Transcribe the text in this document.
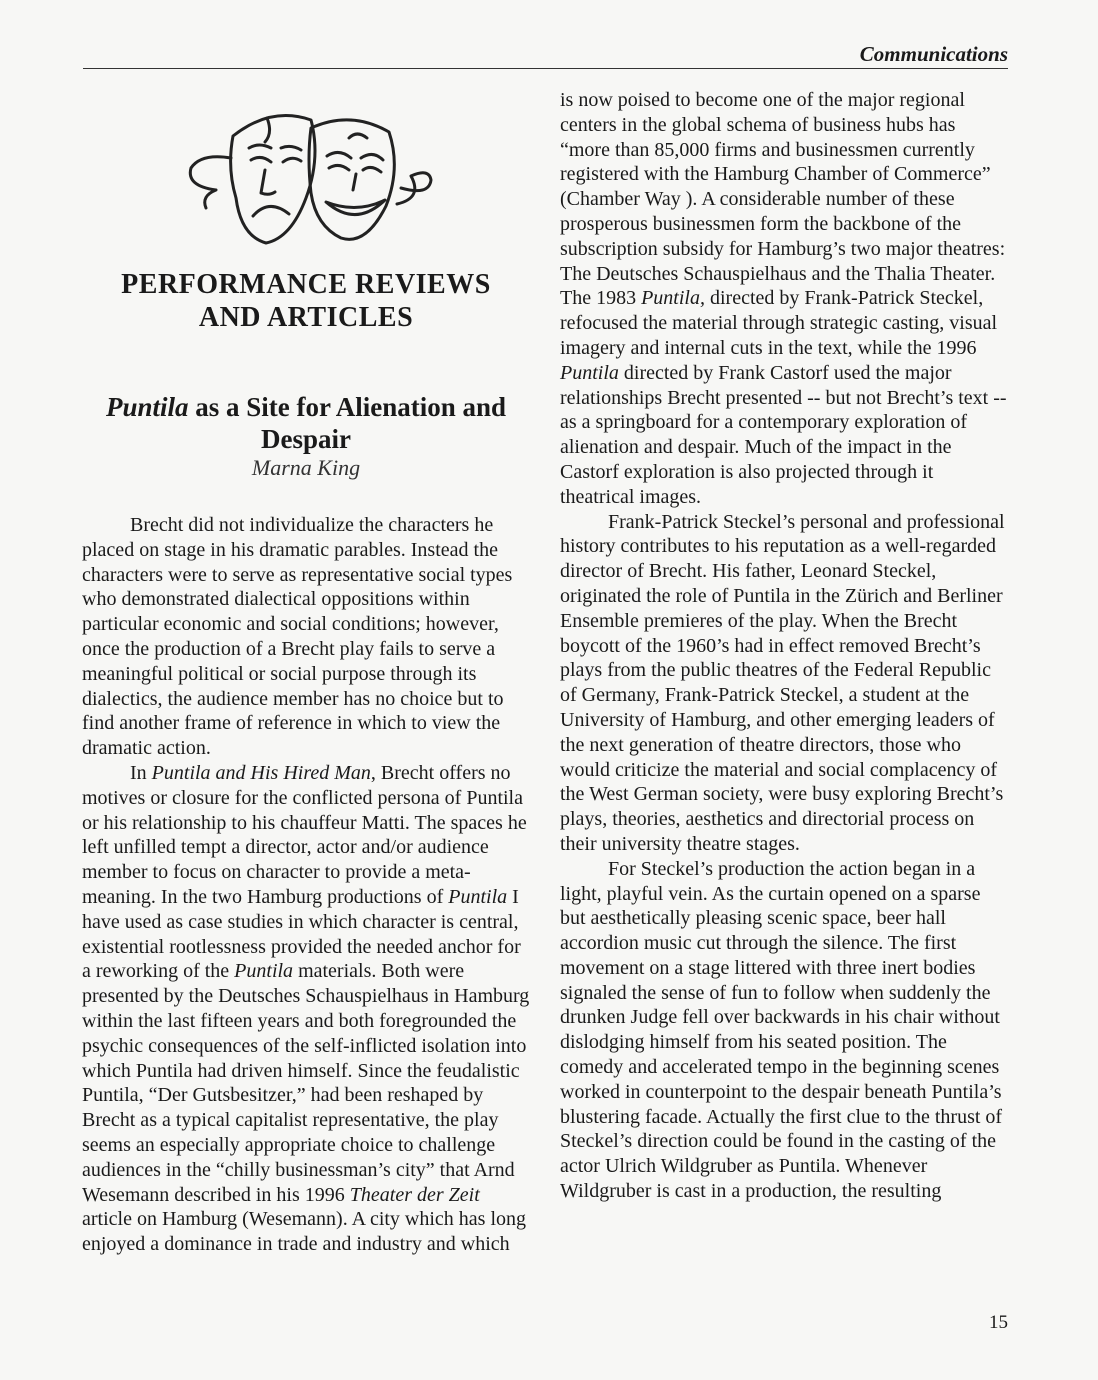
Communications
PERFORMANCE REVIEWS
AND ARTICLES
Puntila as a Site for Alienation and
Despair
Marna King

Brecht did not individualize the characters he placed on stage in his dramatic parables. Instead the characters were to serve as representative social types who demonstrated dialectical oppositions within particular economic and social conditions; however, once the production of a Brecht play fails to serve a meaningful political or social purpose through its dialectics, the audience member has no choice but to find another frame of reference in which to view the dramatic action.

In Puntila and His Hired Man, Brecht offers no motives or closure for the conflicted persona of Puntila or his relationship to his chauffeur Matti. The spaces he left unfilled tempt a director, actor and/or audience member to focus on character to provide a meta-meaning. In the two Hamburg productions of Puntila I have used as case studies in which character is central, existential rootlessness provided the needed anchor for a reworking of the Puntila materials. Both were presented by the Deutsches Schauspielhaus in Hamburg within the last fifteen years and both foregrounded the psychic consequences of the self-inflicted isolation into which Puntila had driven himself. Since the feudalistic Puntila, “Der Gutsbesitzer,” had been reshaped by Brecht as a typical capitalist representative, the play seems an especially appropriate choice to challenge audiences in the “chilly businessman’s city” that Arnd Wesemann described in his 1996 Theater der Zeit article on Hamburg (Wesemann). A city which has long enjoyed a dominance in trade and industry and which

is now poised to become one of the major regional centers in the global schema of business hubs has “more than 85,000 firms and businessmen currently registered with the Hamburg Chamber of Commerce” (Chamber Way ). A considerable number of these prosperous businessmen form the backbone of the subscription subsidy for Hamburg’s two major theatres: The Deutsches Schauspielhaus and the Thalia Theater. The 1983 Puntila, directed by Frank-Patrick Steckel, refocused the material through strategic casting, visual imagery and internal cuts in the text, while the 1996 Puntila directed by Frank Castorf used the major relationships Brecht presented -- but not Brecht’s text -- as a springboard for a contemporary exploration of alienation and despair. Much of the impact in the Castorf exploration is also projected through it theatrical images.

Frank-Patrick Steckel’s personal and professional history contributes to his reputation as a well-regarded director of Brecht. His father, Leonard Steckel, originated the role of Puntila in the Zürich and Berliner Ensemble premieres of the play. When the Brecht boycott of the 1960’s had in effect removed Brecht’s plays from the public theatres of the Federal Republic of Germany, Frank-Patrick Steckel, a student at the University of Hamburg, and other emerging leaders of the next generation of theatre directors, those who would criticize the material and social complacency of the West German society, were busy exploring Brecht’s plays, theories, aesthetics and directorial process on their university theatre stages.

For Steckel’s production the action began in a light, playful vein. As the curtain opened on a sparse but aesthetically pleasing scenic space, beer hall accordion music cut through the silence. The first movement on a stage littered with three inert bodies signaled the sense of fun to follow when suddenly the drunken Judge fell over backwards in his chair without dislodging himself from his seated position. The comedy and accelerated tempo in the beginning scenes worked in counterpoint to the despair beneath Puntila’s blustering facade. Actually the first clue to the thrust of Steckel’s direction could be found in the casting of the actor Ulrich Wildgruber as Puntila. Whenever Wildgruber is cast in a production, the resulting

15
